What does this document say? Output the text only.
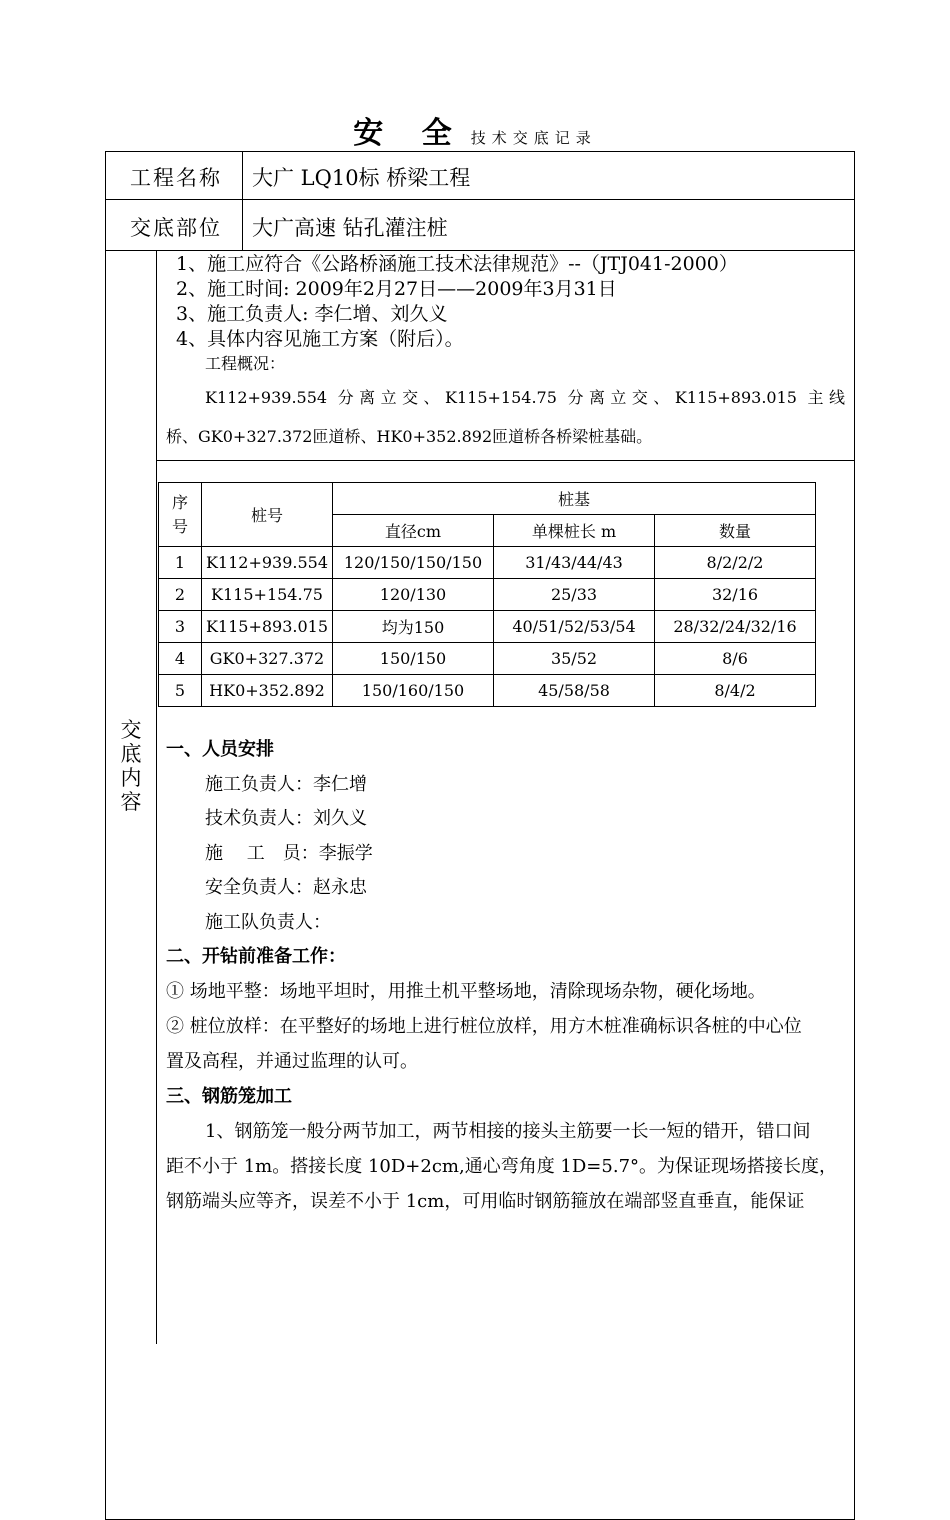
安 全 技术交底记录
工程名称 大广 LQ10标 桥梁工程
交底部位 大广高速 钻孔灌注桩
交
底
内
容
1、施工应符合《公路桥涵施工技术法律规范》--（JTJ041-2000）
2、施工时间: 2009年2月27日——2009年3月31日
3、施工负责人: 李仁增、刘久义
4、具体内容见施工方案（附后）。
工程概况：
K112+939.554 分离立交、K115+154.75 分离立交、K115+893.015 主线
桥、GK0+327.372匝道桥、HK0+352.892匝道桥各桥梁桩基础。
序号	桩号	桩基		
		直径cm	单棵桩长 m	数量
1	K112+939.554	120/150/150/150	31/43/44/43	8/2/2/2
2	K115+154.75	120/130	25/33	32/16
3	K115+893.015	均为150	40/51/52/53/54	28/32/24/32/16
4	GK0+327.372	150/150	35/52	8/6
5	HK0+352.892	150/160/150	45/58/58	8/4/2
一、人员安排
施工负责人：李仁增
技术负责人：刘久义
施　 工　员：李振学
安全负责人：赵永忠
施工队负责人：
二、开钻前准备工作：
① 场地平整：场地平坦时，用推土机平整场地，清除现场杂物，硬化场地。
② 桩位放样：在平整好的场地上进行桩位放样，用方木桩准确标识各桩的中心位
置及高程，并通过监理的认可。
三、钢筋笼加工
1、钢筋笼一般分两节加工，两节相接的接头主筋要一长一短的错开，错口间
距不小于 1m。搭接长度 10D+2cm,通心弯角度 1D=5.7°。为保证现场搭接长度，
钢筋端头应等齐，误差不小于 1cm，可用临时钢筋箍放在端部竖直垂直，能保证
